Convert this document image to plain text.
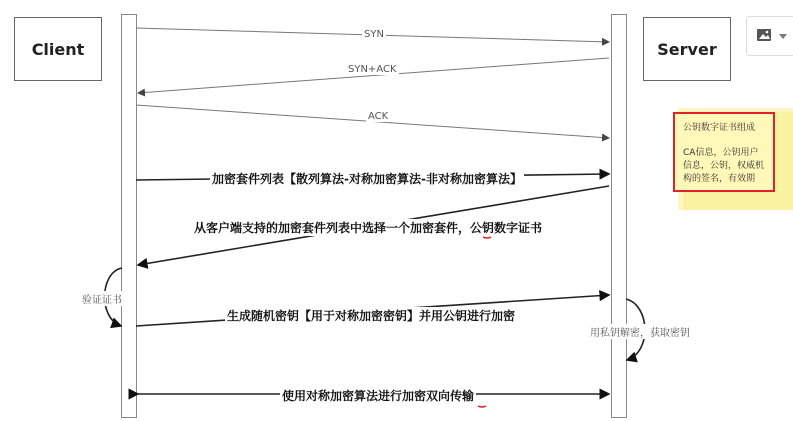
Client	Server
SYN
SYN+ACK
ACK
加密套件列表【散列算法-对称加密算法-非对称加密算法】
从客户端支持的加密套件列表中选择一个加密套件，公钥数字证书
生成随机密钥【用于对称加密密钥】并用公钥进行加密
使用对称加密算法进行加密双向传输
验证证书
用私钥解密，获取密钥
公钥数字证书组成
CA信息，公钥用户
信息，公钥，权威机
构的签名，有效期
